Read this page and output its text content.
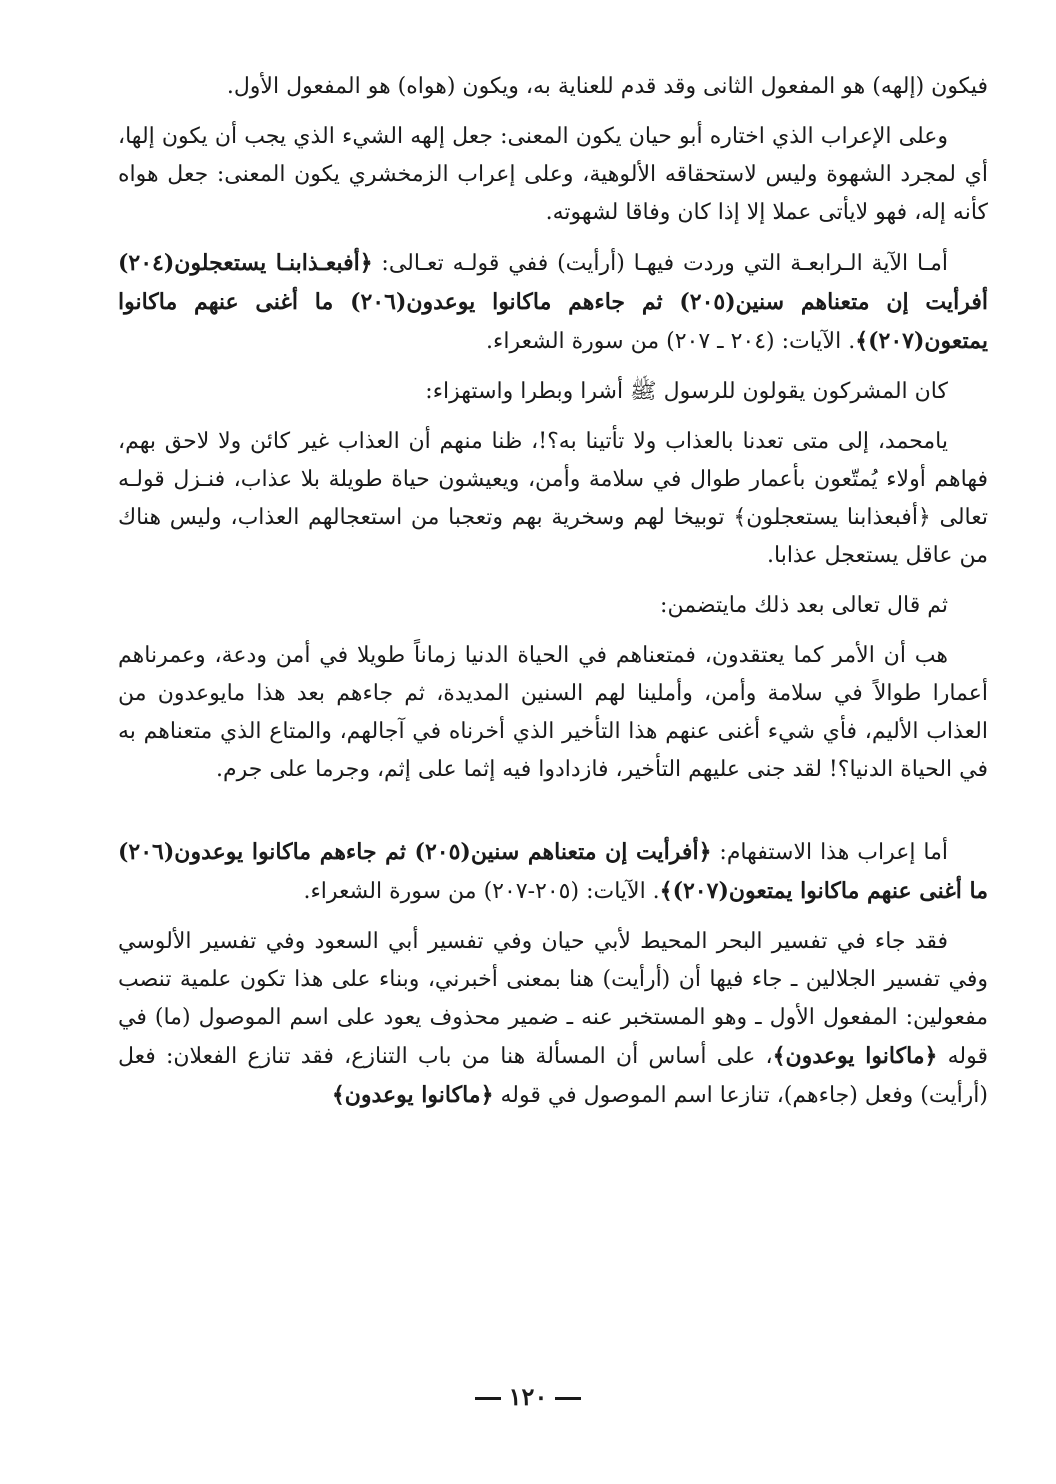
فيكون (إلهه) هو المفعول الثانى وقد قدم للعناية به، ويكون (هواه) هو المفعول الأول.

وعلى الإعراب الذي اختاره أبو حيان يكون المعنى: جعل إلهه الشيء الذي يجب أن يكون إلها، أي لمجرد الشهوة وليس لاستحقاقه الألوهية، وعلى إعراب الزمخشري يكون المعنى: جعل هواه كأنه إله، فهو لايأتى عملا إلا إذا كان وفاقا لشهوته.

أمـا الآية الـرابعـة التي وردت فيهـا (أرأيت) ففي قولـه تعـالى: ﴿أفبعـذابنـا يستعجلون(٢٠٤) أفرأيت إن متعناهم سنين(٢٠٥) ثم جاءهم ماكانوا يوعدون(٢٠٦) ما أغنى عنهم ماكانوا يمتعون(٢٠٧)﴾. الآيات: (٢٠٤ ـ ٢٠٧) من سورة الشعراء.

كان المشركون يقولون للرسول ﷺ أشرا وبطرا واستهزاء:

يامحمد، إلى متى تعدنا بالعذاب ولا تأتينا به؟!، ظنا منهم أن العذاب غير كائن ولا لاحق بهم، فهاهم أولاء يُمتّعون بأعمار طوال في سلامة وأمن، ويعيشون حياة طويلة بلا عذاب، فنـزل قولـه تعالى ﴿أفبعذابنا يستعجلون﴾ توبيخا لهم وسخرية بهم وتعجبا من استعجالهم العذاب، وليس هناك من عاقل يستعجل عذابا.

ثم قال تعالى بعد ذلك مايتضمن:

هب أن الأمر كما يعتقدون، فمتعناهم في الحياة الدنيا زماناً طويلا في أمن ودعة، وعمرناهم أعمارا طوالاً في سلامة وأمن، وأملينا لهم السنين المديدة، ثم جاءهم بعد هذا مايوعدون من العذاب الأليم، فأي شيء أغنى عنهم هذا التأخير الذي أخرناه في آجالهم، والمتاع الذي متعناهم به في الحياة الدنيا؟! لقد جنى عليهم التأخير، فازدادوا فيه إثما على إثم، وجرما على جرم.

أما إعراب هذا الاستفهام: ﴿أفرأيت إن متعناهم سنين(٢٠٥) ثم جاءهم ماكانوا يوعدون(٢٠٦) ما أغنى عنهم ماكانوا يمتعون(٢٠٧)﴾. الآيات: (٢٠٥-٢٠٧) من سورة الشعراء.

فقد جاء في تفسير البحر المحيط لأبي حيان وفي تفسير أبي السعود وفي تفسير الألوسي وفي تفسير الجلالين ـ جاء فيها أن (أرأيت) هنا بمعنى أخبرني، وبناء على هذا تكون علمية تنصب مفعولين: المفعول الأول ـ وهو المستخبر عنه ـ ضمير محذوف يعود على اسم الموصول (ما) في قوله ﴿ماكانوا يوعدون﴾، على أساس أن المسألة هنا من باب التنازع، فقد تنازع الفعلان: فعل (أرأيت) وفعل (جاءهم)، تنازعا اسم الموصول في قوله ﴿ماكانوا يوعدون﴾

١٢٠
